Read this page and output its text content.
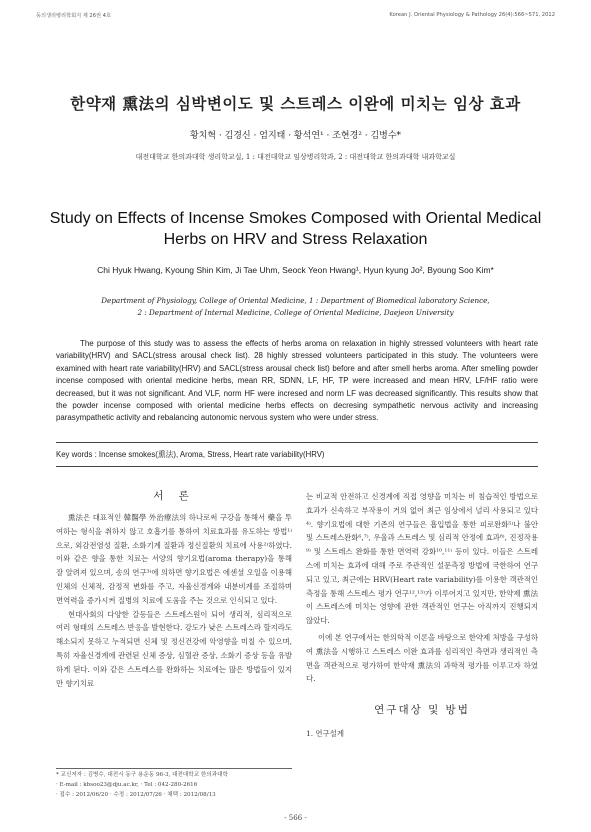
동의생리병리학회지 제 26권 4호	Korean J. Oriental Physiology & Pathology 26(4):566~571, 2012
한약재 熏法의 심박변이도 및 스트레스 이완에 미치는 임상 효과
황치혁 · 김경신 · 엄지태 · 황석연¹ · 조현경² · 김병수*
대전대학교 한의과대학 생리학교실, 1 : 대전대학교 임상병리학과, 2 : 대전대학교 한의과대학 내과학교실
Study on Effects of Incense Smokes Composed with Oriental Medical
Herbs on HRV and Stress Relaxation
Chi Hyuk Hwang, Kyoung Shin Kim, Ji Tae Uhm, Seock Yeon Hwang¹, Hyun kyung Jo², Byoung Soo Kim*
Department of Physiology, College of Oriental Medicine, 1 : Department of Biomedical laboratory Science,
2 : Department of Internal Medicine, College of Oriental Medicine, Daejeon University
The purpose of this study was to assess the effects of herbs aroma on relaxation in highly stressed volunteers with heart rate variability(HRV) and SACL(stress arousal check list). 28 highly stressed volunteers participated in this study. The volunteers were examined with heart rate variability(HRV) and SACL(stress arousal check list) before and after smell herbs aroma. After smelling powder incense composed with oriental medicine herbs, mean RR, SDNN, LF, HF, TP were increased and mean HRV, LF/HF ratio were decreased, but it was not significant. And VLF, norm HF were incresed and norm LF was decreased significantly. This results show that the powder incense composed with oriental medicine herbs effects on decresing sympathetic nervous activity and increasing parasympathetic activity and rebalancing autonomic nervous system who were under stress.
Key words : Incense smokes(熏法), Aroma, Stress, Heart rate variability(HRV)
서 론
熏法은 대표적인 韓醫學 外治療法의 하나로써 구강을 통해서 藥을 투여하는 형식을 취하지 않고 호흡기를 통하여 치료효과를 유도하는 방법¹⁾으로, 외감전염성 질환, 소화기계 질환과 정신질환의 치료에 사용²⁾하였다. 이와 같은 향을 통한 치료는 서양의 향기요법(aroma therapy)을 통해 잘 알려져 있으며, 송의 연구³⁾에 의하면 향기요법은 에센셜 오일을 이용해 인체의 신체적, 감정적 변화를 주고, 자율신경계와 내분비계를 조절하며 면역력을 증가시켜 질병의 치료에 도움을 주는 것으로 인식되고 있다.
현대사회의 다양한 갈등들은 스트레스원이 되어 생리적, 심리적으로 여러 형태의 스트레스 반응을 발현한다. 강도가 낮은 스트레스라 할지라도 해소되지 못하고 누적되면 신체 및 정신건강에 악영향을 미칠 수 있으며, 특히 자율신경계에 관련된 신체 증상, 심혈관 증상, 소화기 증상 등을 유발하게 된다. 이와 같은 스트레스를 완화하는 치료에는 많은 방법들이 있지만 향기치료
* 교신저자 : 김병수, 대전시 동구 용운동 96-3, 대전대학교 한의과대학
· E-mail : kbsoo23@dju.ac.kr, · Tel : 042-280-2616
· 접수 : 2012/06/20 · 수정 : 2012/07/26 · 채택 : 2012/08/13
는 비교적 안전하고 신경계에 직접 영향을 미치는 비 침습적인 방법으로 효과가 신속하고 부작용이 거의 없어 최근 임상에서 널리 사용되고 있다⁴⁾. 향기요법에 대한 기존의 연구들은 흡입법을 통한 피로완화⁵⁾나 불안 및 스트레스완화⁶,⁷⁾, 우울과 스트레스 및 심리적 안정에 효과⁸⁾, 진정작용⁹⁾ 및 스트레스 완화를 통한 면역력 강화¹⁰,¹¹⁾ 등이 있다. 이들은 스트레스에 미치는 효과에 대해 주로 주관적인 설문측정 방법에 국한하여 연구되고 있고, 최근에는 HRV(Heart rate variability)를 이용한 객관적인 측정을 통해 스트레스 평가 연구¹²,¹³⁾가 이루어지고 있지만, 한약제 熏法이 스트레스에 미치는 영향에 관한 객관적인 연구는 아직까지 진행되지 않았다.
이에 본 연구에서는 한의학적 이론을 바탕으로 한약제 처방을 구성하여 熏法을 시행하고 스트레스 이완 효과를 심리적인 측면과 생리적인 측면을 객관적으로 평가하여 한약재 熏法의 과학적 평가를 이루고자 하였다.
연구대상 및 방법
1. 연구설계
- 566 -
